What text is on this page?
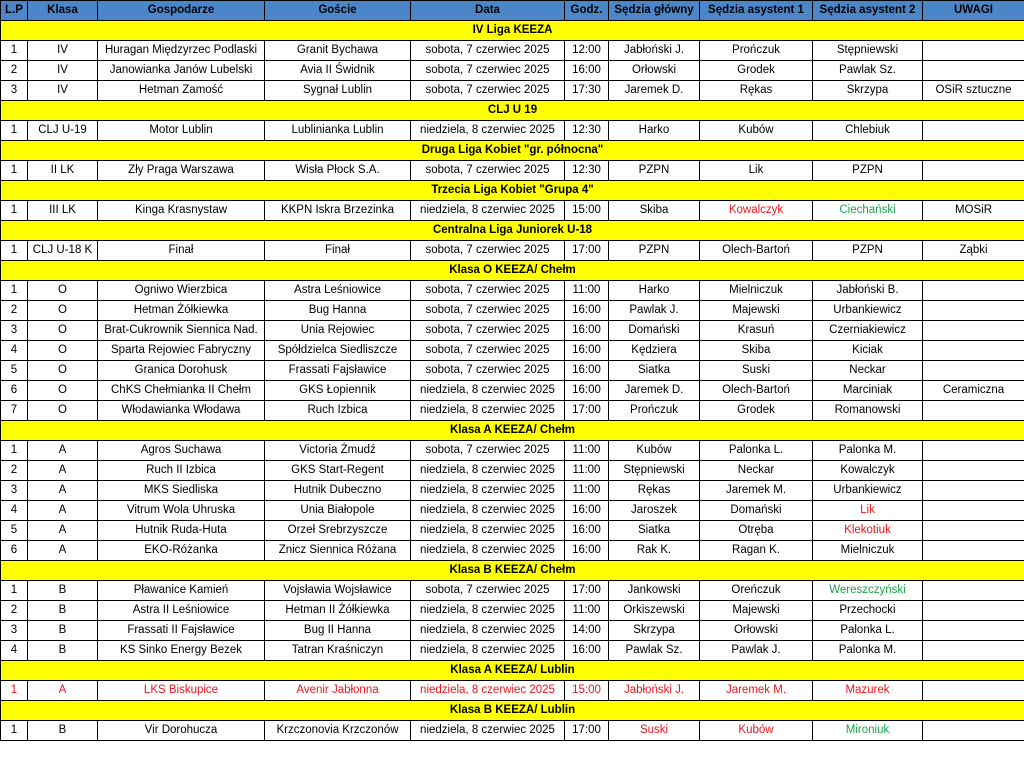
L.P	Klasa	Gospodarze	Goście	Data	Godz.	Sędzia główny	Sędzia asystent 1	Sędzia asystent 2	UWAGI
IV Liga KEEZA									
1	IV	Huragan Międzyrzec Podlaski	Granit Bychawa	sobota, 7 czerwiec 2025	12:00	Jabłoński J.	Prończuk	Stępniewski	
2	IV	Janowianka Janów Lubelski	Avia II Świdnik	sobota, 7 czerwiec 2025	16:00	Orłowski	Grodek	Pawlak Sz.	
3	IV	Hetman Zamość	Sygnał Lublin	sobota, 7 czerwiec 2025	17:30	Jaremek D.	Rękas	Skrzypa	OSiR sztuczne
CLJ U 19									
1	CLJ U-19	Motor Lublin	Lublinianka Lublin	niedziela, 8 czerwiec 2025	12:30	Harko	Kubów	Chlebiuk	
Druga Liga Kobiet "gr. północna"									
1	II LK	Zły Praga Warszawa	Wisła Płock S.A.	sobota, 7 czerwiec 2025	12:30	PZPN	Lik	PZPN	
Trzecia Liga Kobiet "Grupa 4"									
1	III LK	Kinga Krasnystaw	KKPN Iskra Brzezinka	niedziela, 8 czerwiec 2025	15:00	Skiba	Kowalczyk	Ciechański	MOSiR
Centralna Liga Juniorek U-18									
1	CLJ U-18 K	Finał	Finał	sobota, 7 czerwiec 2025	17:00	PZPN	Olech-Bartoń	PZPN	Ząbki
Klasa O KEEZA/ Chełm									
1	O	Ogniwo Wierzbica	Astra Leśniowice	sobota, 7 czerwiec 2025	11:00	Harko	Mielniczuk	Jabłoński B.	
2	O	Hetman Żółkiewka	Bug Hanna	sobota, 7 czerwiec 2025	16:00	Pawlak J.	Majewski	Urbankiewicz	
3	O	Brat-Cukrownik Siennica Nad.	Unia Rejowiec	sobota, 7 czerwiec 2025	16:00	Domański	Krasuń	Czerniakiewicz	
4	O	Sparta Rejowiec Fabryczny	Spółdzielca Siedliszcze	sobota, 7 czerwiec 2025	16:00	Kędziera	Skiba	Kiciak	
5	O	Granica Dorohusk	Frassati Fajsławice	sobota, 7 czerwiec 2025	16:00	Siatka	Suski	Neckar	
6	O	ChKS Chełmianka II Chełm	GKS Łopiennik	niedziela, 8 czerwiec 2025	16:00	Jaremek D.	Olech-Bartoń	Marciniak	Ceramiczna
7	O	Włodawianka Włodawa	Ruch Izbica	niedziela, 8 czerwiec 2025	17:00	Prończuk	Grodek	Romanowski	
Klasa A KEEZA/ Chełm									
1	A	Agros Suchawa	Victoria Żmudź	sobota, 7 czerwiec 2025	11:00	Kubów	Palonka L.	Palonka M.	
2	A	Ruch II Izbica	GKS Start-Regent	niedziela, 8 czerwiec 2025	11:00	Stępniewski	Neckar	Kowalczyk	
3	A	MKS Siedliska	Hutnik Dubeczno	niedziela, 8 czerwiec 2025	11:00	Rękas	Jaremek M.	Urbankiewicz	
4	A	Vitrum Wola Uhruska	Unia Białopole	niedziela, 8 czerwiec 2025	16:00	Jaroszek	Domański	Lik	
5	A	Hutnik Ruda-Huta	Orzeł Srebrzyszcze	niedziela, 8 czerwiec 2025	16:00	Siatka	Otręba	Klekotiuk	
6	A	EKO-Różanka	Znicz Siennica Różana	niedziela, 8 czerwiec 2025	16:00	Rak K.	Ragan K.	Mielniczuk	
Klasa B KEEZA/ Chełm									
1	B	Pławanice Kamień	Vojsławia Wojsławice	sobota, 7 czerwiec 2025	17:00	Jankowski	Oreńczuk	Wereszczyński	
2	B	Astra II Leśniowice	Hetman II Żółkiewka	niedziela, 8 czerwiec 2025	11:00	Orkiszewski	Majewski	Przechocki	
3	B	Frassati II Fajsławice	Bug II Hanna	niedziela, 8 czerwiec 2025	14:00	Skrzypa	Orłowski	Palonka L.	
4	B	KS Sinko Energy Bezek	Tatran Kraśniczyn	niedziela, 8 czerwiec 2025	16:00	Pawlak Sz.	Pawlak J.	Palonka M.	
Klasa A KEEZA/ Lublin									
1	A	LKS Biskupice	Avenir Jabłonna	niedziela, 8 czerwiec 2025	15:00	Jabłoński J.	Jaremek M.	Mazurek	
Klasa B KEEZA/ Lublin									
1	B	Vir Dorohucza	Krzczonovia Krzczonów	niedziela, 8 czerwiec 2025	17:00	Suski	Kubów	Mironiuk	
